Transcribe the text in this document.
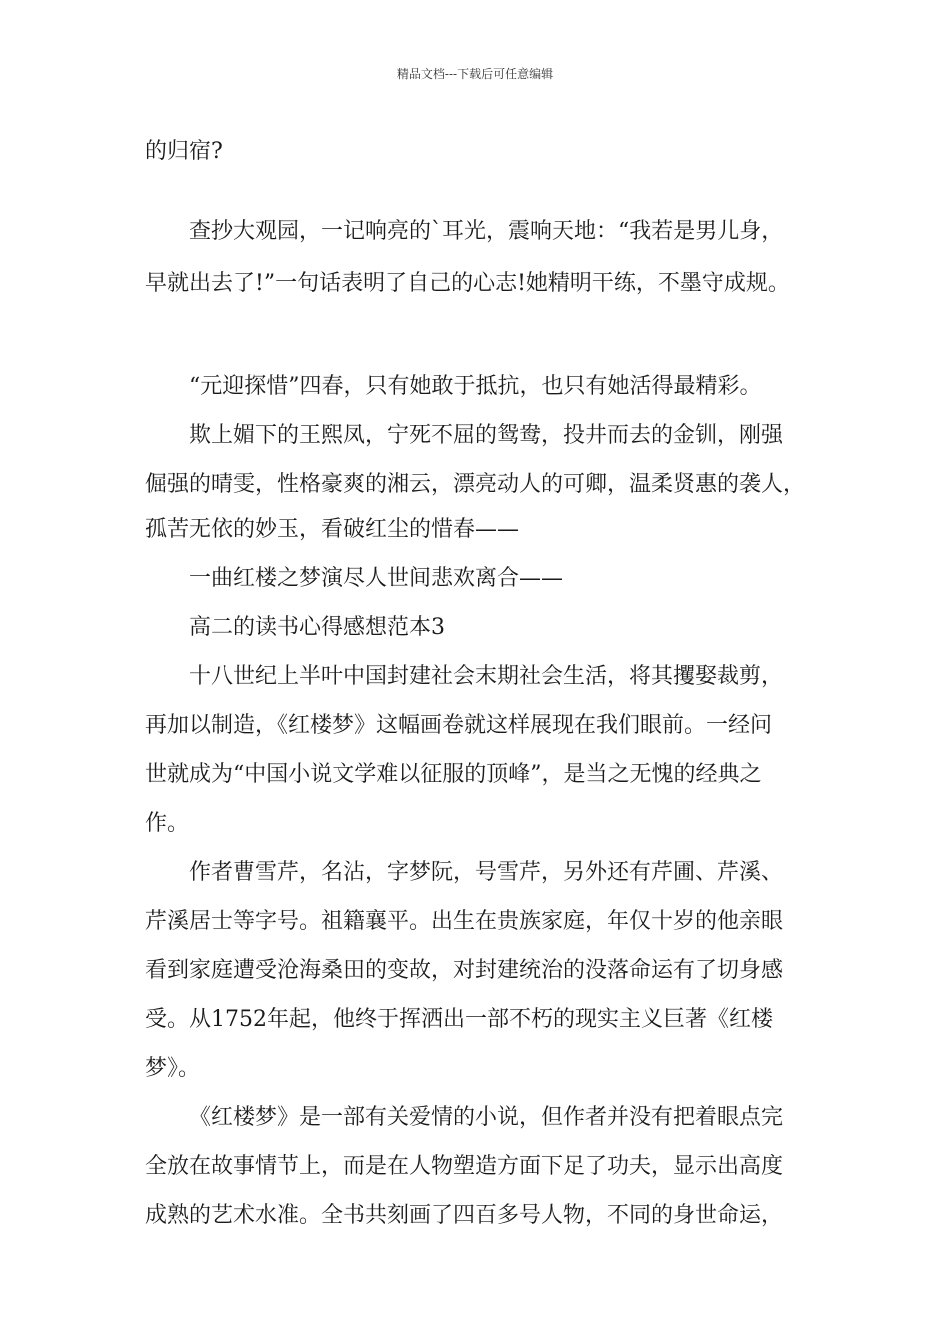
精品文档---下载后可任意编辑
的归宿?
查抄大观园，一记响亮的`耳光，震响天地：“我若是男儿身，
早就出去了!”一句话表明了自己的心志!她精明干练，不墨守成规。
“元迎探惜”四春，只有她敢于抵抗，也只有她活得最精彩。
欺上媚下的王熙凤，宁死不屈的鸳鸯，投井而去的金钏，刚强
倔强的晴雯，性格豪爽的湘云，漂亮动人的可卿，温柔贤惠的袭人，
孤苦无依的妙玉，看破红尘的惜春——
一曲红楼之梦演尽人世间悲欢离合——
高二的读书心得感想范本3
十八世纪上半叶中国封建社会末期社会生活，将其攫娶裁剪，
再加以制造，《红楼梦》这幅画卷就这样展现在我们眼前。一经问
世就成为“中国小说文学难以征服的顶峰”，是当之无愧的经典之
作。
作者曹雪芹，名沾，字梦阮，号雪芹，另外还有芹圃、芹溪、
芹溪居士等字号。祖籍襄平。出生在贵族家庭，年仅十岁的他亲眼
看到家庭遭受沧海桑田的变故，对封建统治的没落命运有了切身感
受。从1752年起，他终于挥洒出一部不朽的现实主义巨著《红楼
梦》。
《红楼梦》是一部有关爱情的小说，但作者并没有把着眼点完
全放在故事情节上，而是在人物塑造方面下足了功夫，显示出高度
成熟的艺术水准。全书共刻画了四百多号人物，不同的身世命运，
